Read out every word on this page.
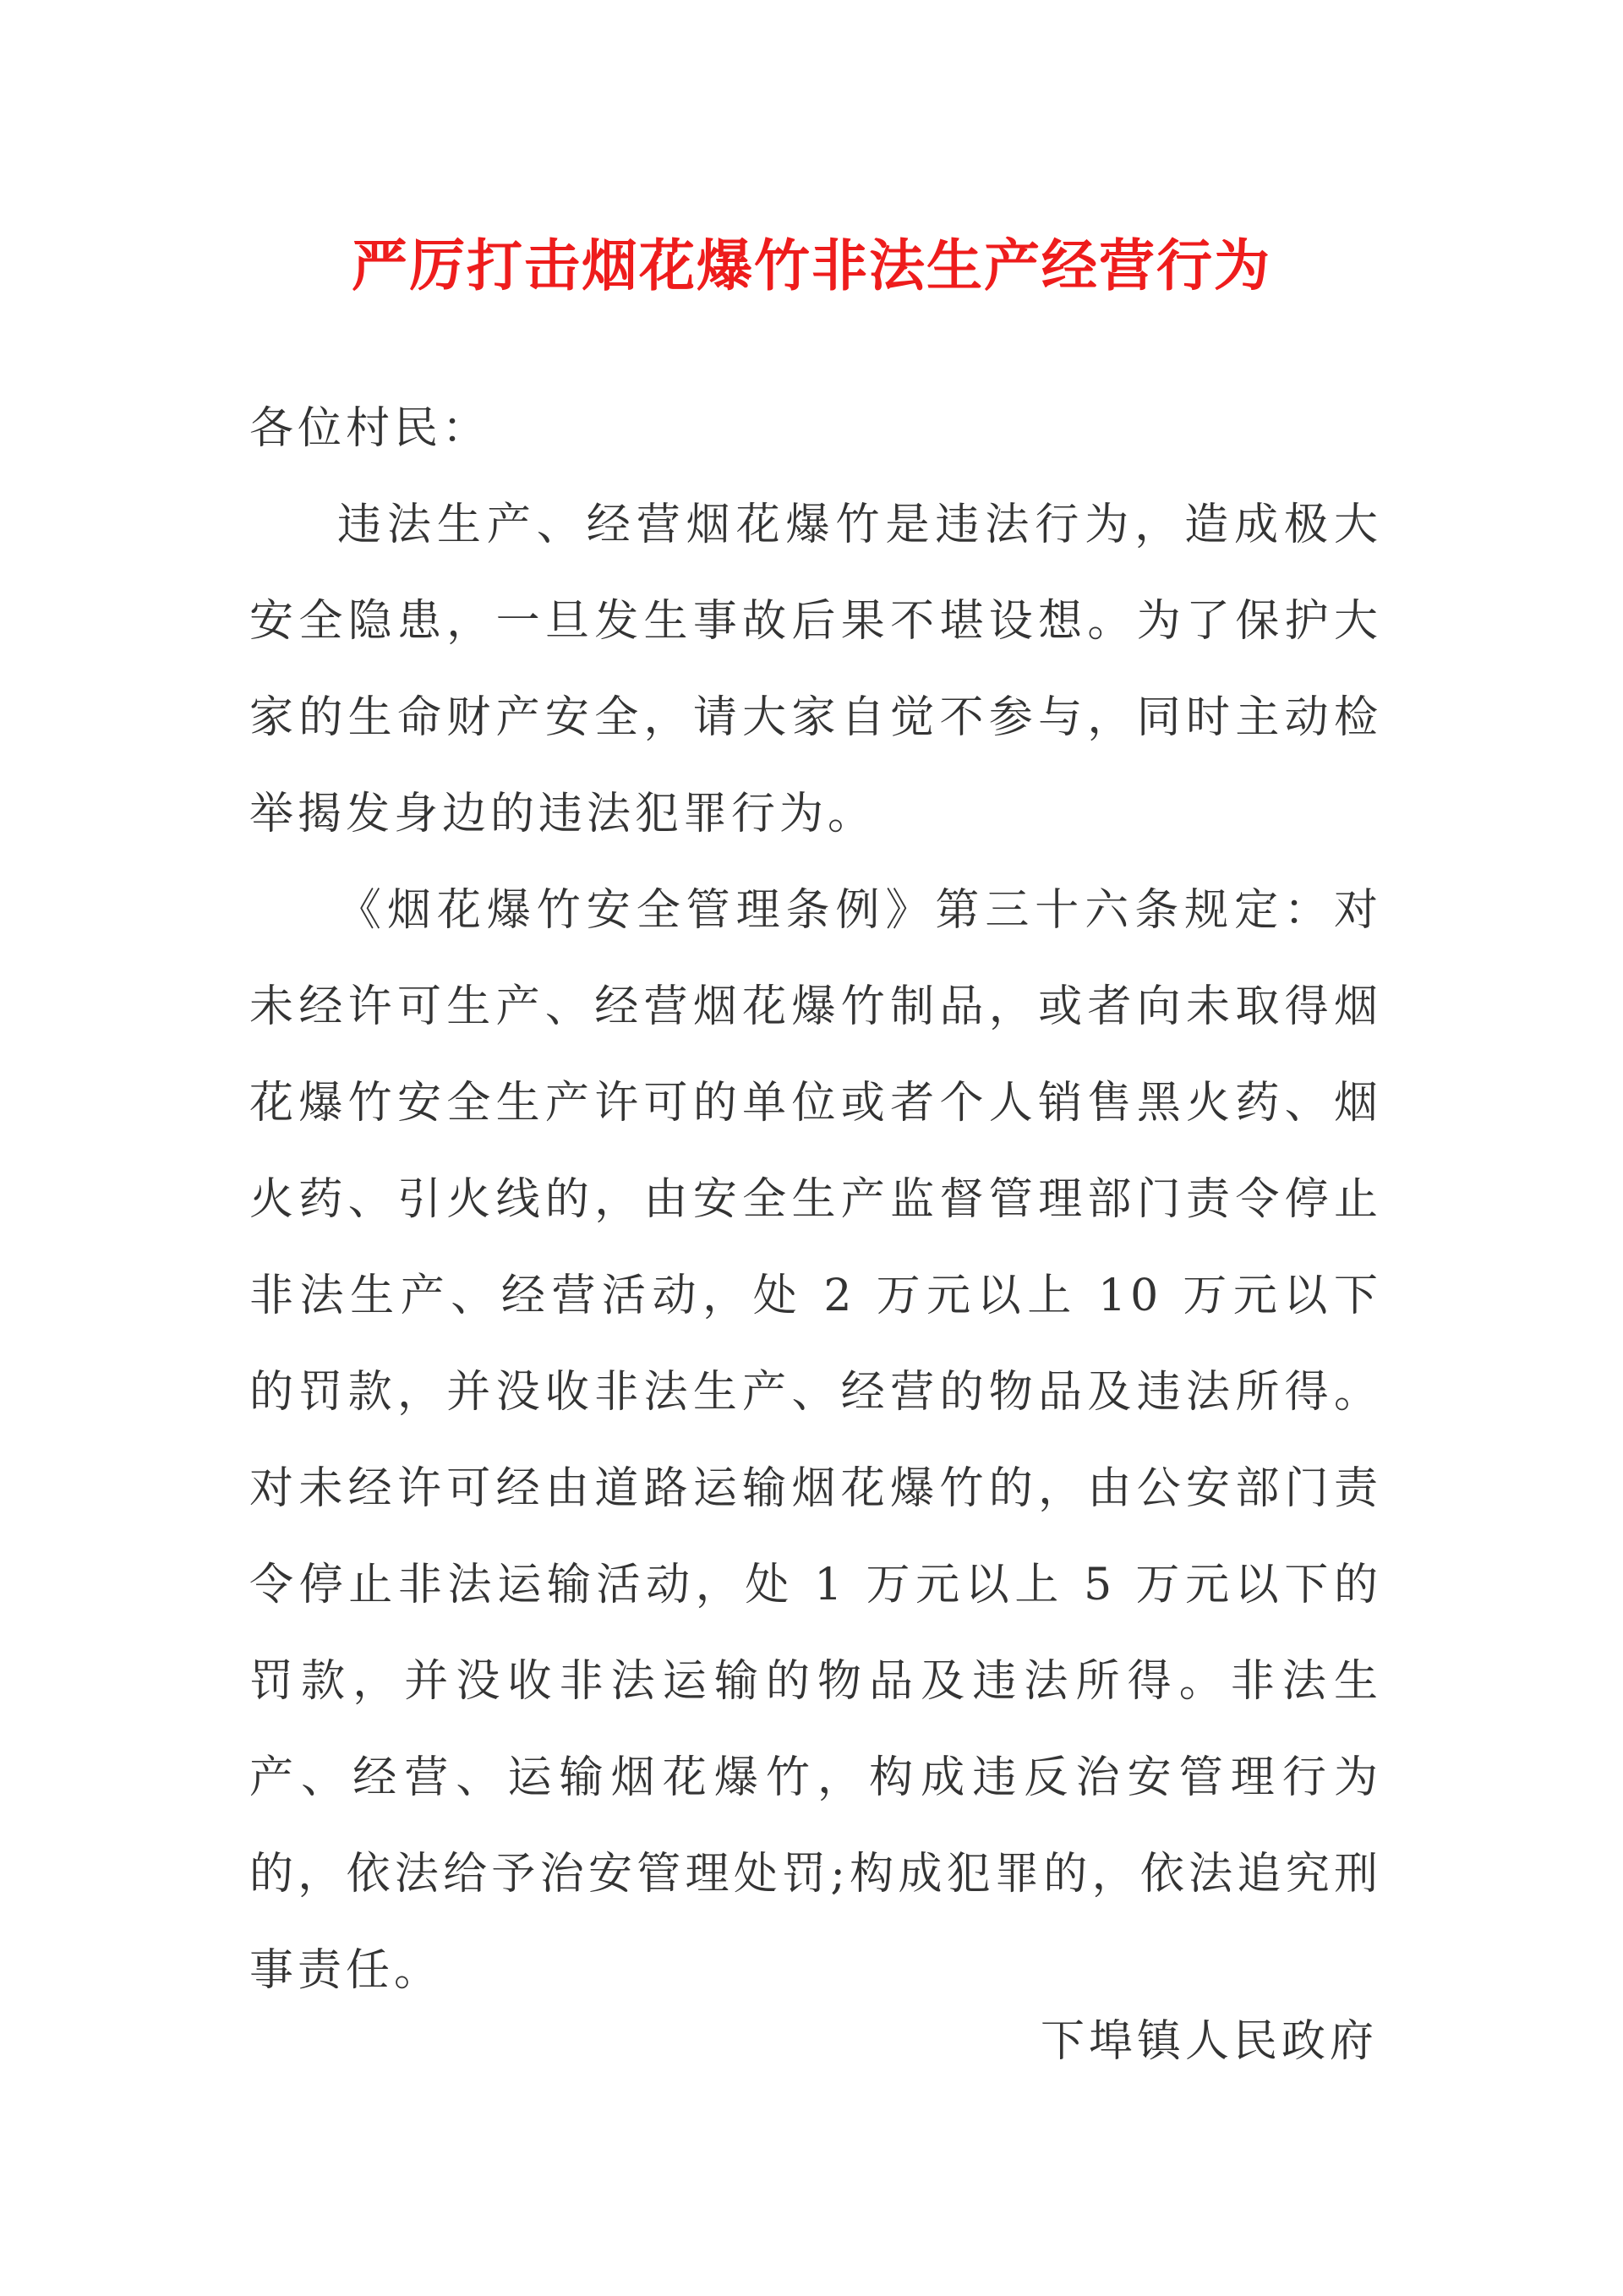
严厉打击烟花爆竹非法生产经营行为

各位村民：

违法生产、经营烟花爆竹是违法行为，造成极大安全隐患，一旦发生事故后果不堪设想。为了保护大家的生命财产安全，请大家自觉不参与，同时主动检举揭发身边的违法犯罪行为。

《烟花爆竹安全管理条例》第三十六条规定：对未经许可生产、经营烟花爆竹制品，或者向未取得烟花爆竹安全生产许可的单位或者个人销售黑火药、烟火药、引火线的，由安全生产监督管理部门责令停止非法生产、经营活动，处 2 万元以上 10 万元以下的罚款，并没收非法生产、经营的物品及违法所得。对未经许可经由道路运输烟花爆竹的，由公安部门责令停止非法运输活动，处 1 万元以上 5 万元以下的罚款，并没收非法运输的物品及违法所得。非法生产、经营、运输烟花爆竹，构成违反治安管理行为的，依法给予治安管理处罚;构成犯罪的，依法追究刑事责任。

下埠镇人民政府
